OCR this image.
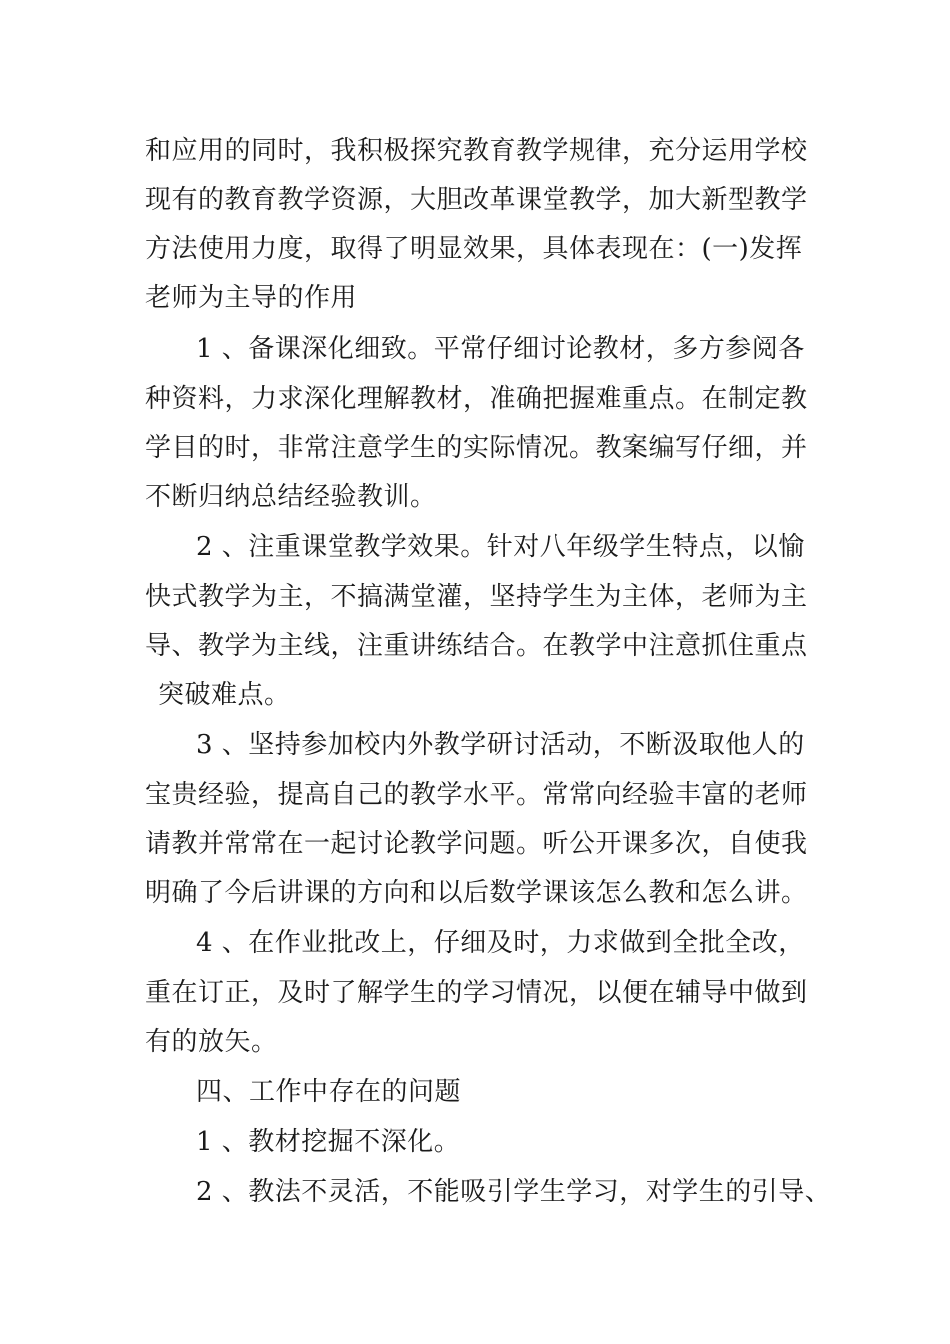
和应用的同时，我积极探究教育教学规律，充分运用学校
现有的教育教学资源，大胆改革课堂教学，加大新型教学
方法使用力度，取得了明显效果，具体表现在：(一)发挥
老师为主导的作用
1 、备课深化细致。平常仔细讨论教材，多方参阅各
种资料，力求深化理解教材，准确把握难重点。在制定教
学目的时，非常注意学生的实际情况。教案编写仔细，并
不断归纳总结经验教训。
2 、注重课堂教学效果。针对八年级学生特点，以愉
快式教学为主，不搞满堂灌，坚持学生为主体，老师为主
导、教学为主线，注重讲练结合。在教学中注意抓住重点
突破难点。
3 、坚持参加校内外教学研讨活动，不断汲取他人的
宝贵经验，提高自己的教学水平。常常向经验丰富的老师
请教并常常在一起讨论教学问题。听公开课多次，自使我
明确了今后讲课的方向和以后数学课该怎么教和怎么讲。
4 、在作业批改上，仔细及时，力求做到全批全改，
重在订正，及时了解学生的学习情况，以便在辅导中做到
有的放矢。
四、工作中存在的问题
1 、教材挖掘不深化。
2 、教法不灵活，不能吸引学生学习，对学生的引导、
